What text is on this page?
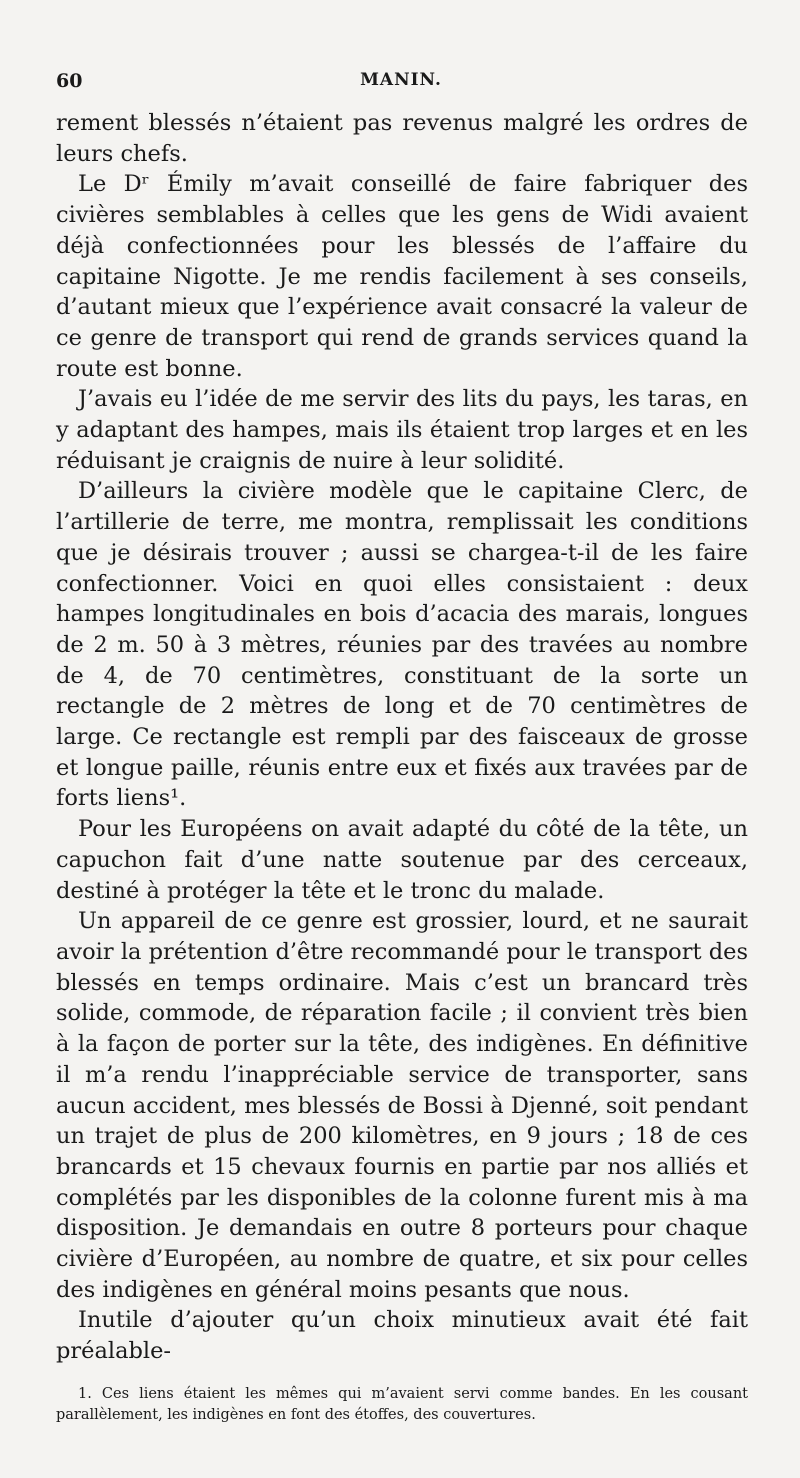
60	MANIN.

rement blessés n’étaient pas revenus malgré les ordres de leurs chefs.

Le Dʳ Émily m’avait conseillé de faire fabriquer des civières semblables à celles que les gens de Widi avaient déjà confectionnées pour les blessés de l’affaire du capitaine Nigotte. Je me rendis facilement à ses conseils, d’autant mieux que l’expérience avait consacré la valeur de ce genre de transport qui rend de grands services quand la route est bonne.

J’avais eu l’idée de me servir des lits du pays, les taras, en y adaptant des hampes, mais ils étaient trop larges et en les réduisant je craignis de nuire à leur solidité.

D’ailleurs la civière modèle que le capitaine Clerc, de l’artillerie de terre, me montra, remplissait les conditions que je désirais trouver ; aussi se chargea-t-il de les faire confectionner. Voici en quoi elles consistaient : deux hampes longitudinales en bois d’acacia des marais, longues de 2 m. 50 à 3 mètres, réunies par des travées au nombre de 4, de 70 centimètres, constituant de la sorte un rectangle de 2 mètres de long et de 70 centimètres de large. Ce rectangle est rempli par des faisceaux de grosse et longue paille, réunis entre eux et fixés aux travées par de forts liens¹.

Pour les Européens on avait adapté du côté de la tête, un capuchon fait d’une natte soutenue par des cerceaux, destiné à protéger la tête et le tronc du malade.

Un appareil de ce genre est grossier, lourd, et ne saurait avoir la prétention d’être recommandé pour le transport des blessés en temps ordinaire. Mais c’est un brancard très solide, commode, de réparation facile ; il convient très bien à la façon de porter sur la tête, des indigènes. En définitive il m’a rendu l’inappréciable service de transporter, sans aucun accident, mes blessés de Bossi à Djenné, soit pendant un trajet de plus de 200 kilomètres, en 9 jours ; 18 de ces brancards et 15 chevaux fournis en partie par nos alliés et complétés par les disponibles de la colonne furent mis à ma disposition. Je demandais en outre 8 porteurs pour chaque civière d’Européen, au nombre de quatre, et six pour celles des indigènes en général moins pesants que nous.

Inutile d’ajouter qu’un choix minutieux avait été fait préalable-

1. Ces liens étaient les mêmes qui m’avaient servi comme bandes. En les cousant parallèlement, les indigènes en font des étoffes, des couvertures.
